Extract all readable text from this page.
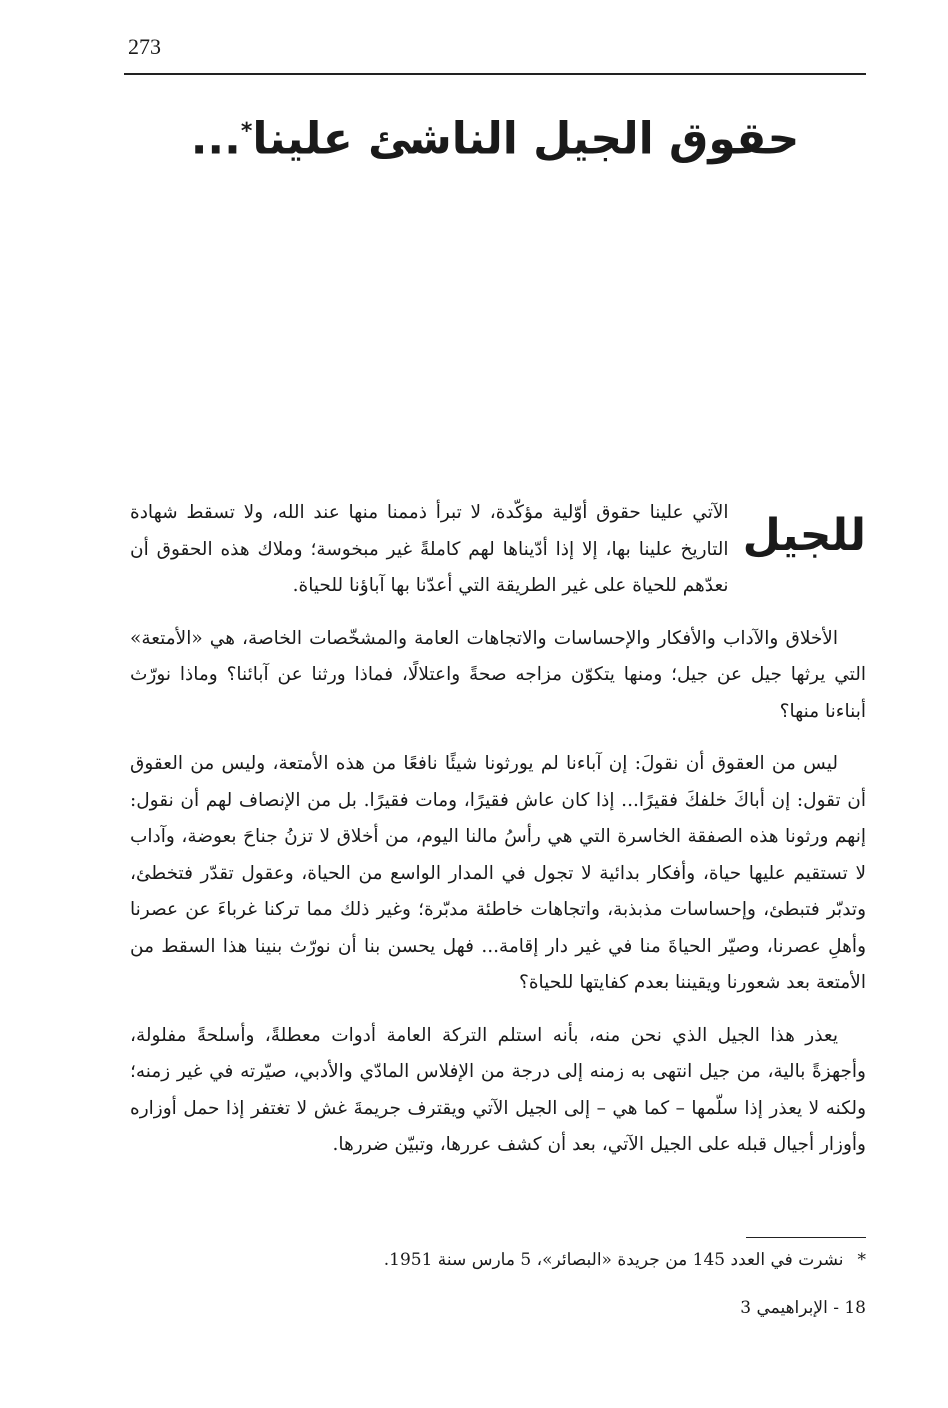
273
حقوق الجيل الناشئ علينا*...

للجيل
الآتي علينا حقوق أوّلية مؤكّدة، لا تبرأ ذممنا منها عند الله، ولا تسقط شهادة التاريخ علينا بها، إلا إذا أدّيناها لهم كاملةً غير مبخوسة؛ وملاك هذه الحقوق أن نعدّهم للحياة على غير الطريقة التي أعدّنا بها آباؤنا للحياة.

الأخلاق والآداب والأفكار والإحساسات والاتجاهات العامة والمشخّصات الخاصة، هي «الأمتعة» التي يرثها جيل عن جيل؛ ومنها يتكوّن مزاجه صحةً واعتلالًا، فماذا ورثنا عن آبائنا؟ وماذا نورّث أبناءنا منها؟

ليس من العقوق أن نقولَ: إن آباءنا لم يورثونا شيئًا نافعًا من هذه الأمتعة، وليس من العقوق أن تقول: إن أباكَ خلفكَ فقيرًا... إذا كان عاش فقيرًا، ومات فقيرًا. بل من الإنصاف لهم أن نقول: إنهم ورثونا هذه الصفقة الخاسرة التي هي رأسُ مالنا اليوم، من أخلاق لا تزنُ جناحَ بعوضة، وآداب لا تستقيم عليها حياة، وأفكار بدائية لا تجول في المدار الواسع من الحياة، وعقول تقدّر فتخطئ، وتدبّر فتبطئ، وإحساسات مذبذبة، واتجاهات خاطئة مدبّرة؛ وغير ذلك مما تركنا غرباءَ عن عصرنا وأهلِ عصرنا، وصيّر الحياةَ منا في غير دار إقامة... فهل يحسن بنا أن نورّث بنينا هذا السقط من الأمتعة بعد شعورنا ويقيننا بعدم كفايتها للحياة؟

يعذر هذا الجيل الذي نحن منه، بأنه استلم التركة العامة أدوات معطلةً، وأسلحةً مفلولة، وأجهزةً بالية، من جيل انتهى به زمنه إلى درجة من الإفلاس المادّي والأدبي، صيّرته في غير زمنه؛ ولكنه لا يعذر إذا سلّمها – كما هي – إلى الجيل الآتي ويقترف جريمةَ غش لا تغتفر إذا حمل أوزاره وأوزار أجيال قبله على الجيل الآتي، بعد أن كشف عررها، وتبيّن ضررها.

*نشرت في العدد 145 من جريدة «البصائر»، 5 مارس سنة 1951.
18 - الإبراهيمي 3
